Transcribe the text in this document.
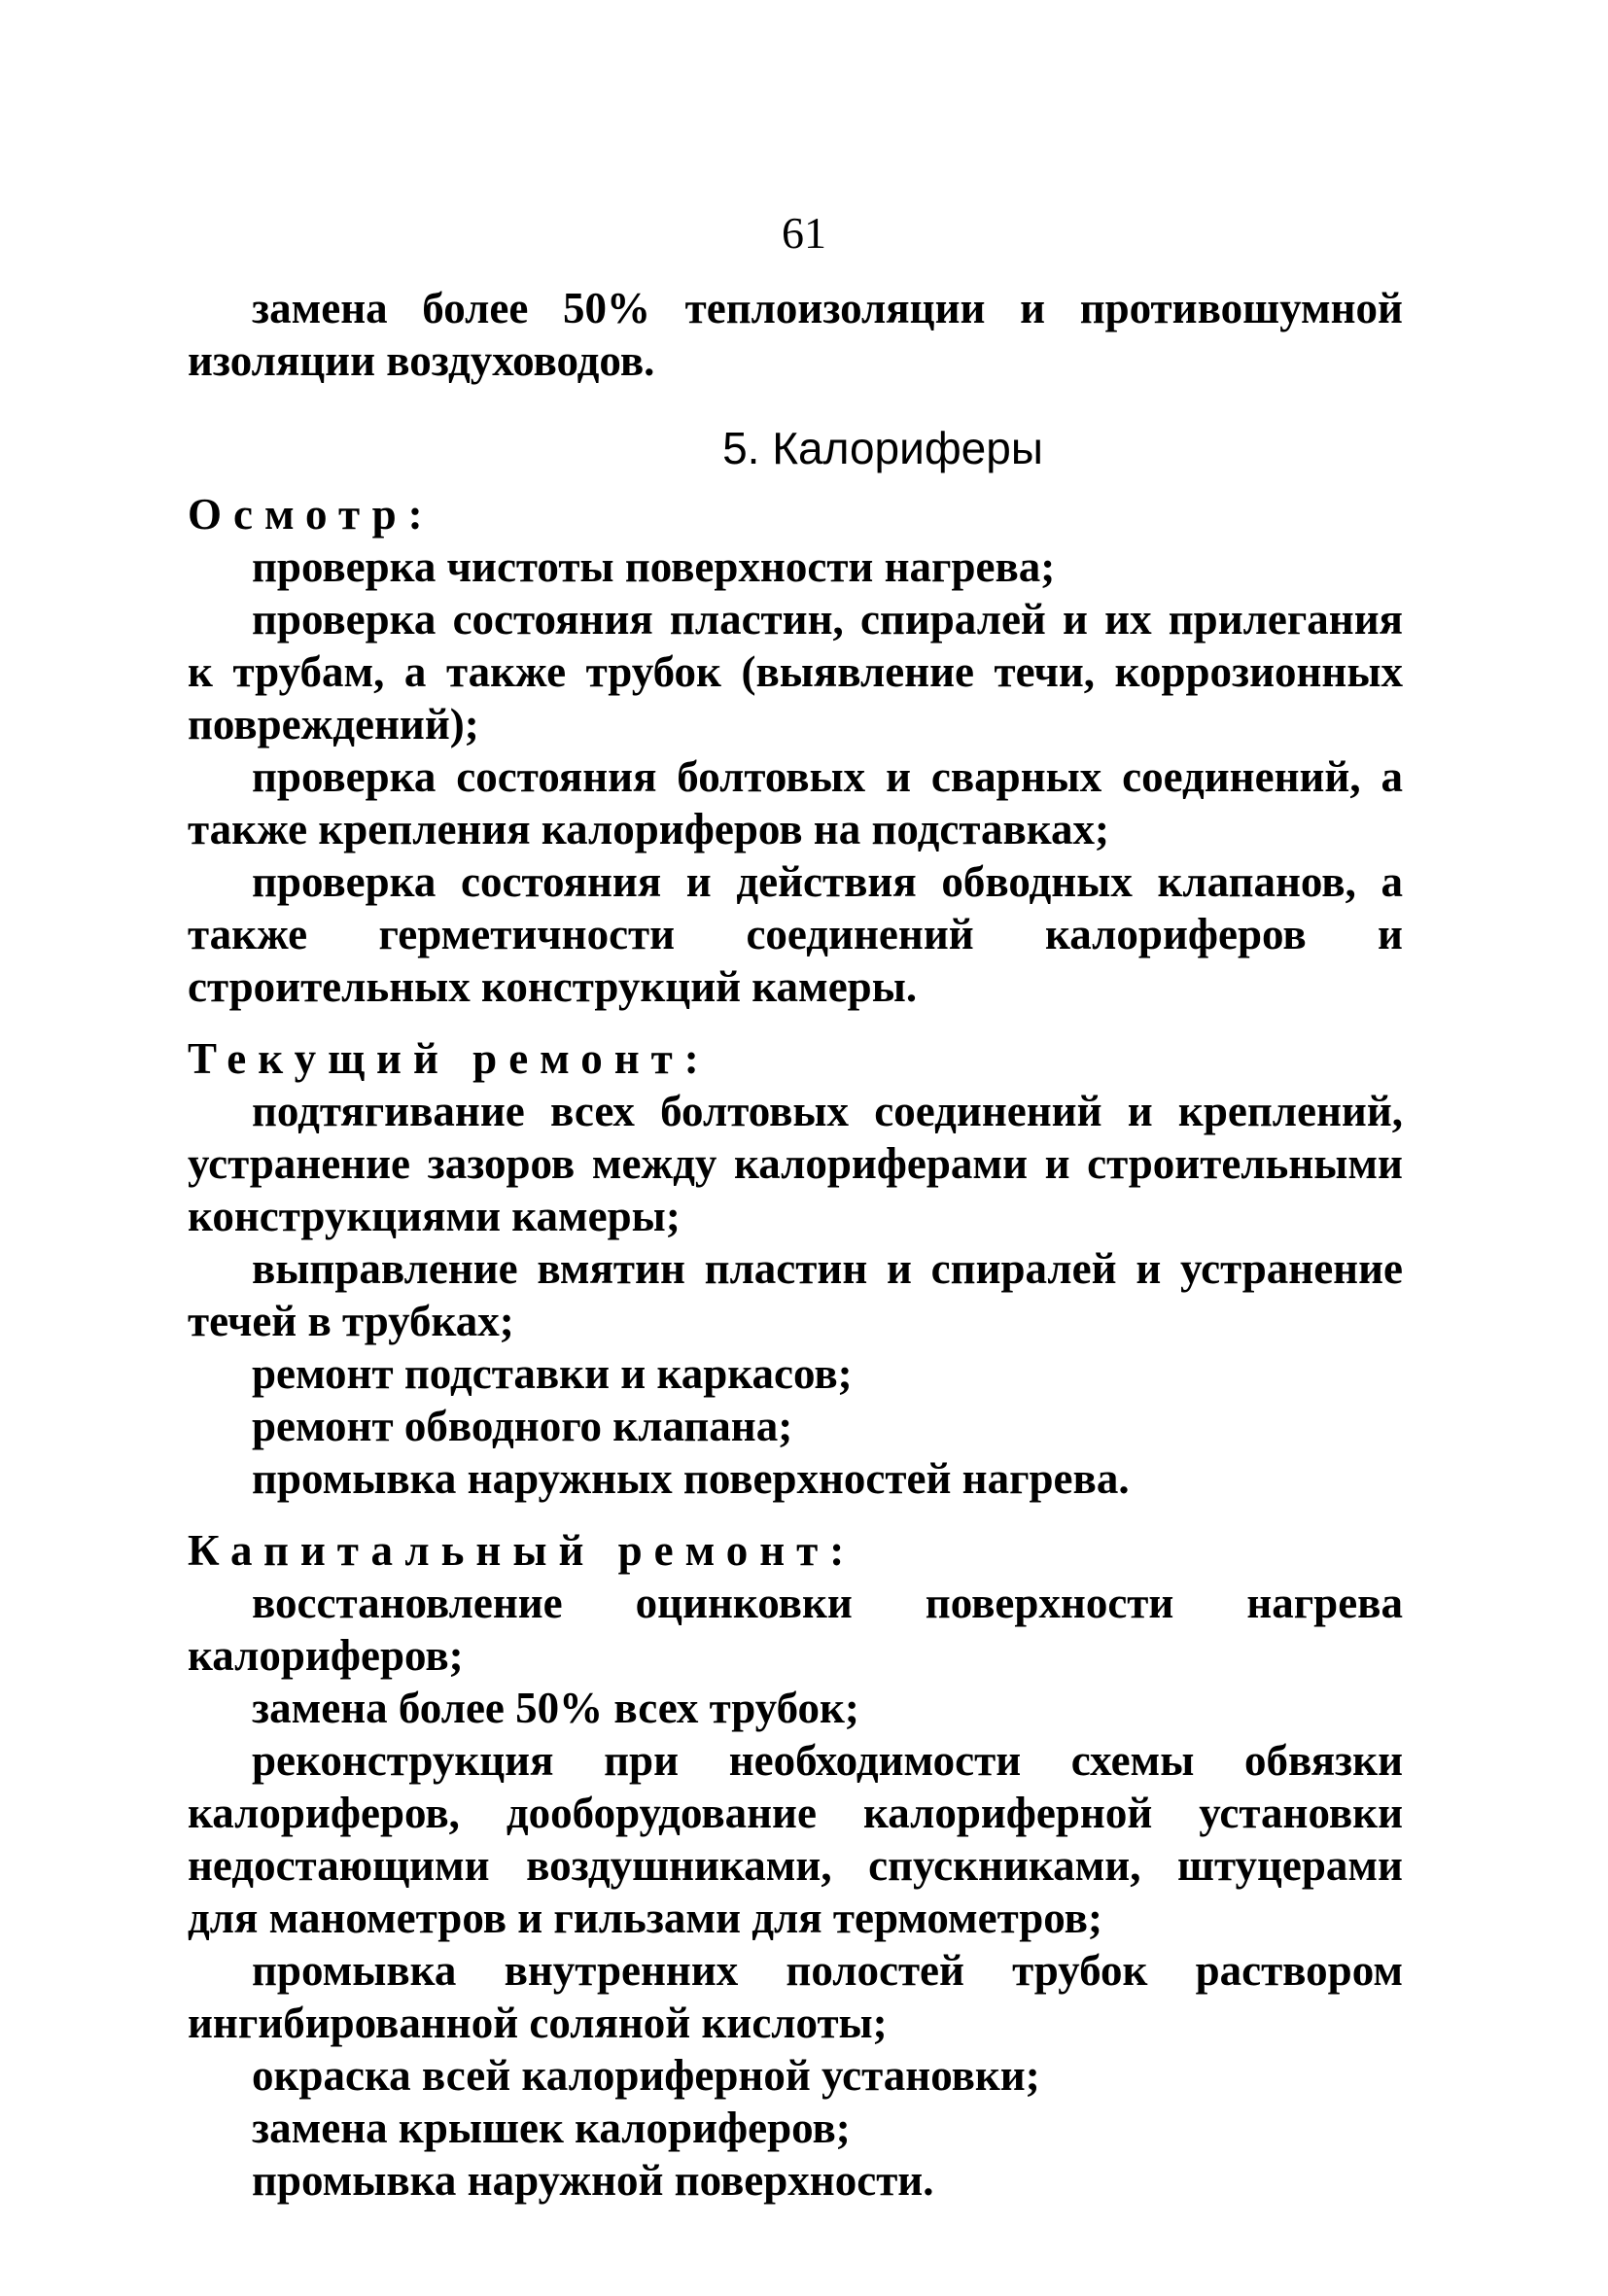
61

замена более 50% теплоизоляции и противошумной изоляции воздуховодов.

5. Калориферы
Осмотр:

проверка чистоты поверхности нагрева;

проверка состояния пластин, спиралей и их прилегания к трубам, а также трубок (выявление течи, коррозионных повреждений);

проверка состояния болтовых и сварных соединений, а также крепления калориферов на подставках;

проверка состояния и действия обводных клапанов, а также герметичности соединений калориферов и строительных конструкций камеры.

Текущий ремонт:

подтягивание всех болтовых соединений и креплений, устранение зазоров между калориферами и строительными конструкциями камеры;

выправление вмятин пластин и спиралей и устранение течей в трубках;

ремонт подставки и каркасов;

ремонт обводного клапана;

промывка наружных поверхностей нагрева.

Капитальный ремонт:

восстановление оцинковки поверхности нагрева калориферов;

замена более 50% всех трубок;

реконструкция при необходимости схемы обвязки калориферов, дооборудование калориферной установки недостающими воздушниками, спускниками, штуцерами для манометров и гильзами для термометров;

промывка внутренних полостей трубок раствором ингибированной соляной кислоты;

окраска всей калориферной установки;

замена крышек калориферов;

промывка наружной поверхности.
